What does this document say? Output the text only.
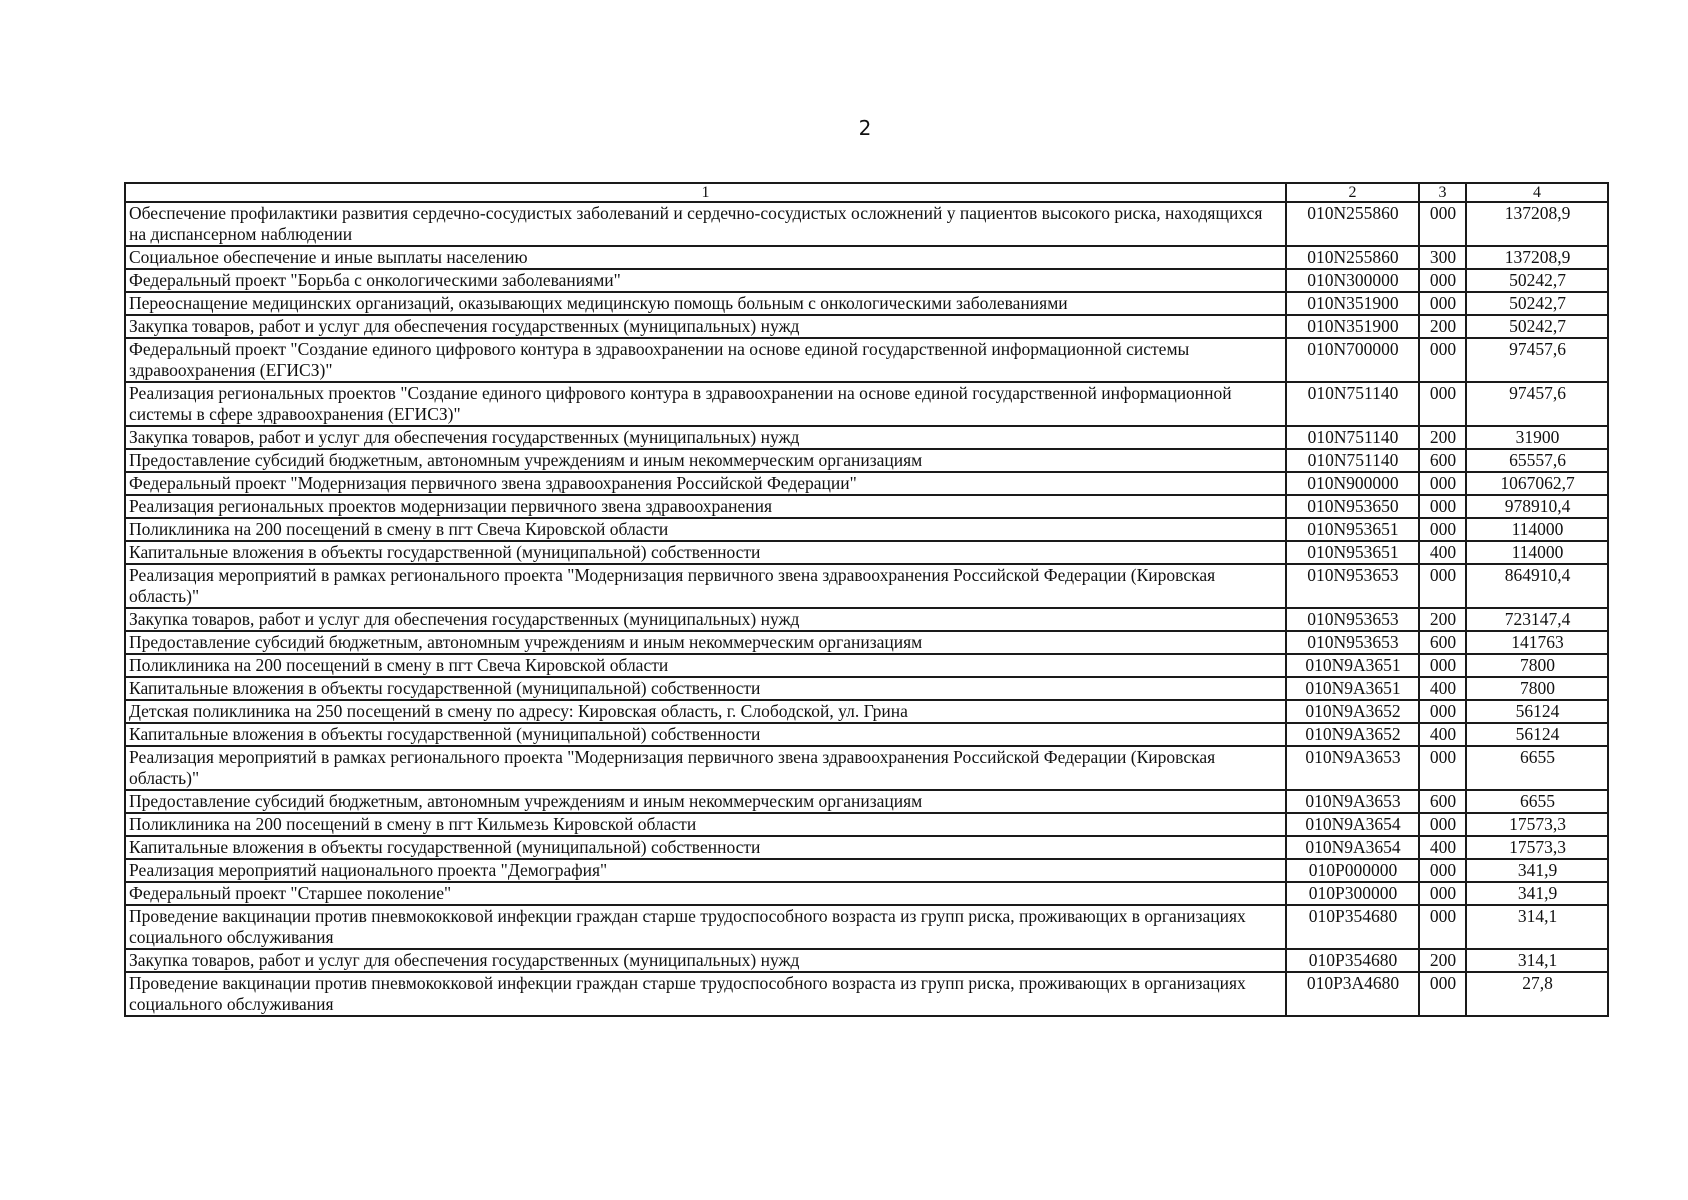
2
1	2	3	4
Обеспечение профилактики развития сердечно-сосудистых заболеваний и сердечно-сосудистых осложнений у пациентов высокого риска, находящихся на диспансерном наблюдении	010N255860	000	137208,9
Социальное обеспечение и иные выплаты населению	010N255860	300	137208,9
Федеральный проект "Борьба с онкологическими заболеваниями"	010N300000	000	50242,7
Переоснащение медицинских организаций, оказывающих медицинскую помощь больным с онкологическими заболеваниями	010N351900	000	50242,7
Закупка товаров, работ и услуг для обеспечения государственных (муниципальных) нужд	010N351900	200	50242,7
Федеральный проект "Создание единого цифрового контура в здравоохранении на основе единой государственной информационной системы здравоохранения (ЕГИСЗ)"	010N700000	000	97457,6
Реализация региональных проектов "Создание единого цифрового контура в здравоохранении на основе единой государственной информационной системы в сфере здравоохранения (ЕГИСЗ)"	010N751140	000	97457,6
Закупка товаров, работ и услуг для обеспечения государственных (муниципальных) нужд	010N751140	200	31900
Предоставление субсидий бюджетным, автономным учреждениям и иным некоммерческим организациям	010N751140	600	65557,6
Федеральный проект "Модернизация первичного звена здравоохранения Российской Федерации"	010N900000	000	1067062,7
Реализация региональных проектов модернизации первичного звена здравоохранения	010N953650	000	978910,4
Поликлиника на 200 посещений в смену в пгт Свеча Кировской области	010N953651	000	114000
Капитальные вложения в объекты государственной (муниципальной) собственности	010N953651	400	114000
Реализация мероприятий в рамках регионального проекта "Модернизация первичного звена здравоохранения Российской Федерации (Кировская область)"	010N953653	000	864910,4
Закупка товаров, работ и услуг для обеспечения государственных (муниципальных) нужд	010N953653	200	723147,4
Предоставление субсидий бюджетным, автономным учреждениям и иным некоммерческим организациям	010N953653	600	141763
Поликлиника на 200 посещений в смену в пгт Свеча Кировской области	010N9A3651	000	7800
Капитальные вложения в объекты государственной (муниципальной) собственности	010N9A3651	400	7800
Детская поликлиника на 250 посещений в смену по адресу: Кировская область, г. Слободской, ул. Грина	010N9A3652	000	56124
Капитальные вложения в объекты государственной (муниципальной) собственности	010N9A3652	400	56124
Реализация мероприятий в рамках регионального проекта "Модернизация первичного звена здравоохранения Российской Федерации (Кировская область)"	010N9A3653	000	6655
Предоставление субсидий бюджетным, автономным учреждениям и иным некоммерческим организациям	010N9A3653	600	6655
Поликлиника на 200 посещений в смену в пгт Кильмезь Кировской области	010N9A3654	000	17573,3
Капитальные вложения в объекты государственной (муниципальной) собственности	010N9A3654	400	17573,3
Реализация мероприятий национального проекта "Демография"	010P000000	000	341,9
Федеральный проект "Старшее поколение"	010P300000	000	341,9
Проведение вакцинации против пневмококковой инфекции граждан старше трудоспособного возраста из групп риска, проживающих в организациях социального обслуживания	010P354680	000	314,1
Закупка товаров, работ и услуг для обеспечения государственных (муниципальных) нужд	010P354680	200	314,1
Проведение вакцинации против пневмококковой инфекции граждан старше трудоспособного возраста из групп риска, проживающих в организациях социального обслуживания	010P3A4680	000	27,8
